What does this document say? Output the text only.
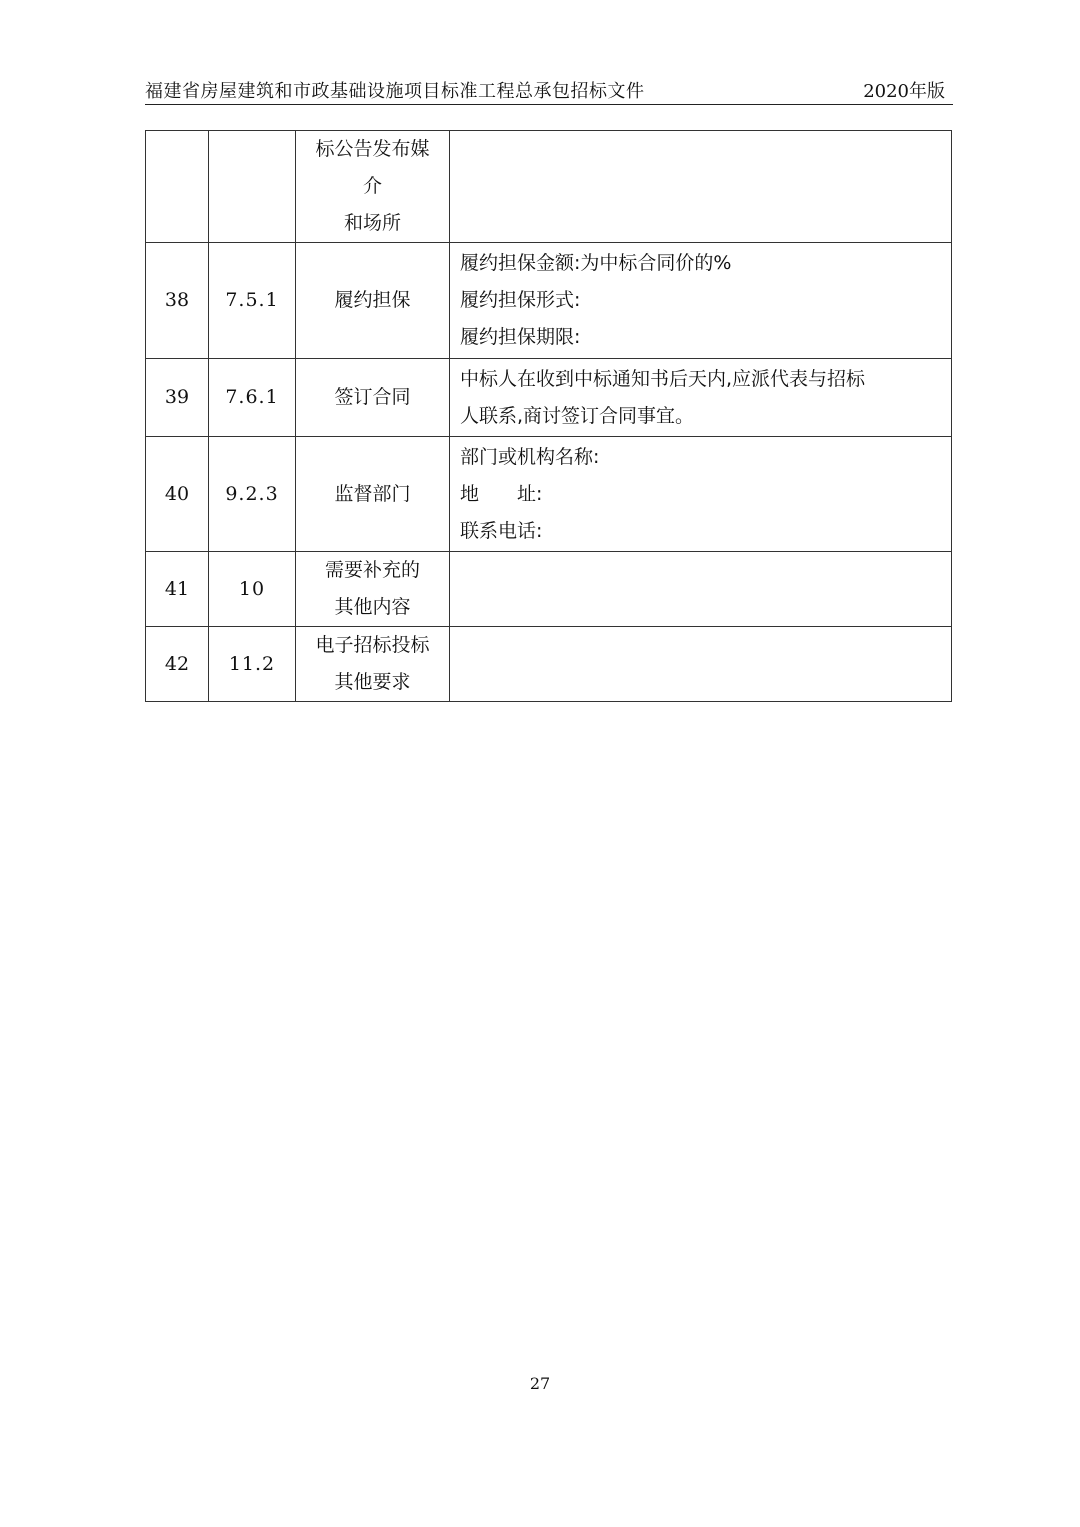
福建省房屋建筑和市政基础设施项目标准工程总承包招标文件	2020年版

		标公告发布媒
介
和场所	

38	7.5.1	履约担保	履约担保金额:为中标合同价的%
履约担保形式:
履约担保期限:

39	7.6.1	签订合同	中标人在收到中标通知书后天内,应派代表与招标
人联系,商讨签订合同事宜。

40	9.2.3	监督部门	部门或机构名称:
地　　址:
联系电话:

41	10	需要补充的
其他内容	

42	11.2	电子招标投标
其他要求	

27
